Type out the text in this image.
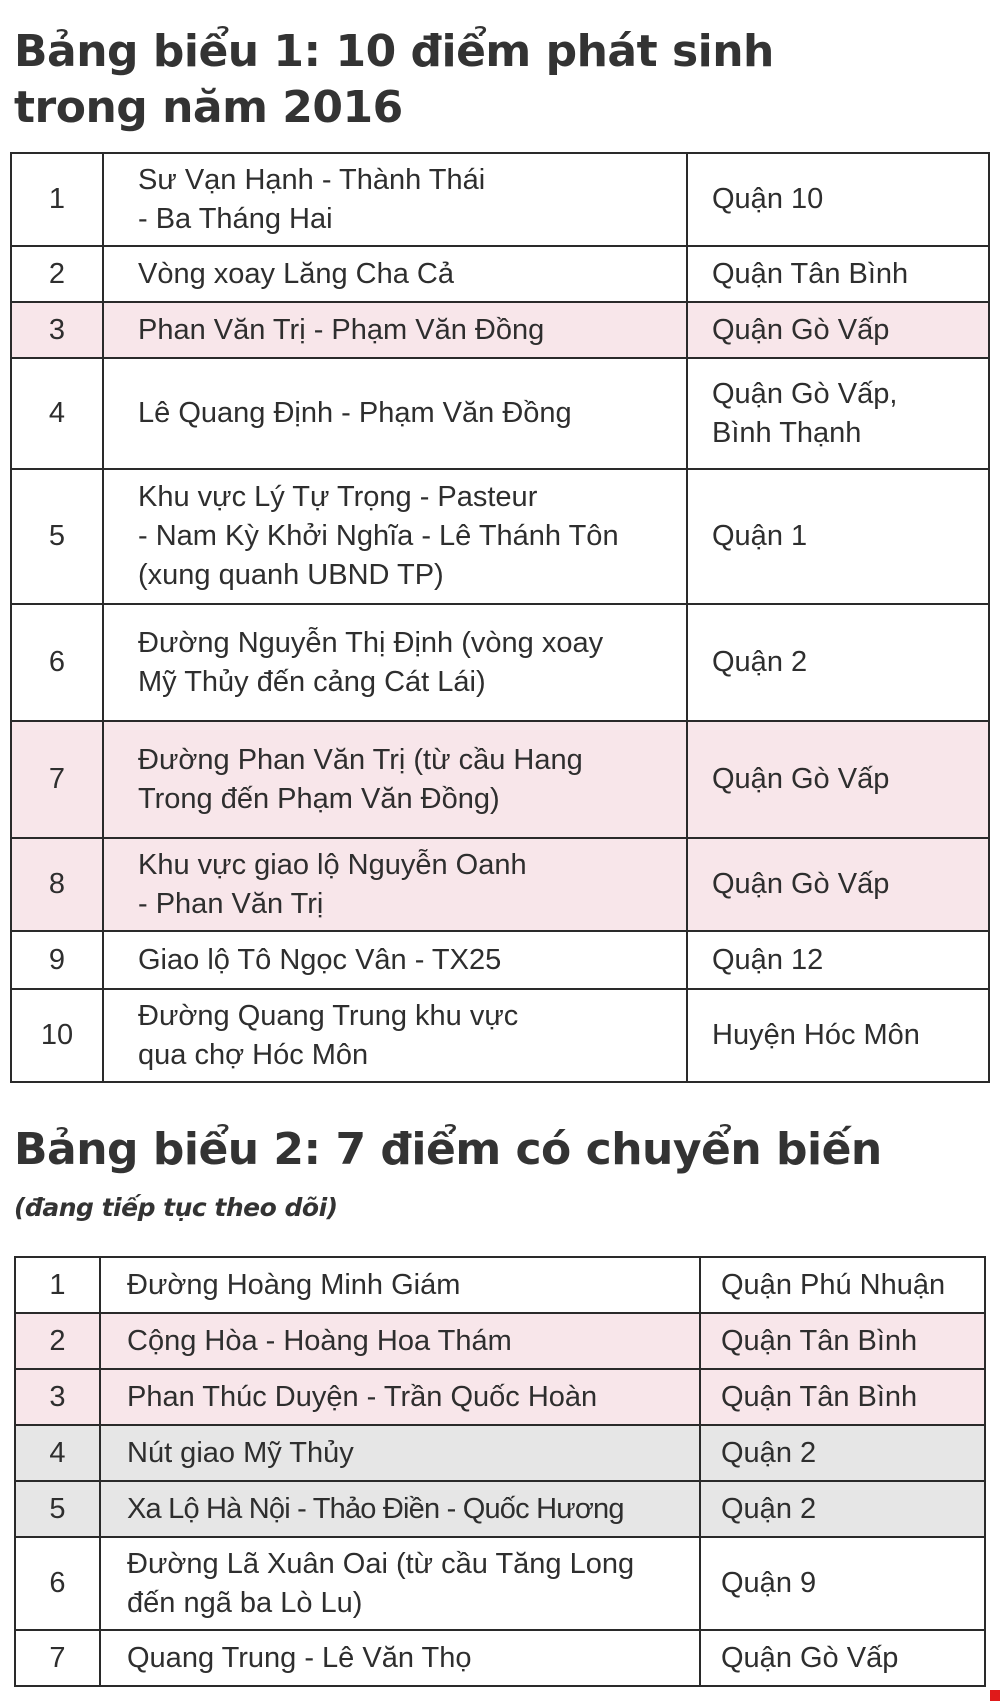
Bảng biểu 1: 10 điểm phát sinh
trong năm 2016
1	Sư Vạn Hạnh - Thành Thái
- Ba Tháng Hai	Quận 10
2	Vòng xoay Lăng Cha Cả	Quận Tân Bình
3	Phan Văn Trị - Phạm Văn Đồng	Quận Gò Vấp
4	Lê Quang Định - Phạm Văn Đồng	Quận Gò Vấp,
Bình Thạnh
5	Khu vực Lý Tự Trọng - Pasteur
- Nam Kỳ Khởi Nghĩa - Lê Thánh Tôn
(xung quanh UBND TP)	Quận 1
6	Đường Nguyễn Thị Định (vòng xoay
Mỹ Thủy đến cảng Cát Lái)	Quận 2
7	Đường Phan Văn Trị (từ cầu Hang
Trong đến Phạm Văn Đồng)	Quận Gò Vấp
8	Khu vực giao lộ Nguyễn Oanh
- Phan Văn Trị	Quận Gò Vấp
9	Giao lộ Tô Ngọc Vân - TX25	Quận 12
10	Đường Quang Trung khu vực
qua chợ Hóc Môn	Huyện Hóc Môn
Bảng biểu 2: 7 điểm có chuyển biến
(đang tiếp tục theo dõi)
1	Đường Hoàng Minh Giám	Quận Phú Nhuận
2	Cộng Hòa - Hoàng Hoa Thám	Quận Tân Bình
3	Phan Thúc Duyện - Trần Quốc Hoàn	Quận Tân Bình
4	Nút giao Mỹ Thủy	Quận 2
5	Xa Lộ Hà Nội - Thảo Điền - Quốc Hương	Quận 2
6	Đường Lã Xuân Oai (từ cầu Tăng Long
đến ngã ba Lò Lu)	Quận 9
7	Quang Trung - Lê Văn Thọ	Quận Gò Vấp
